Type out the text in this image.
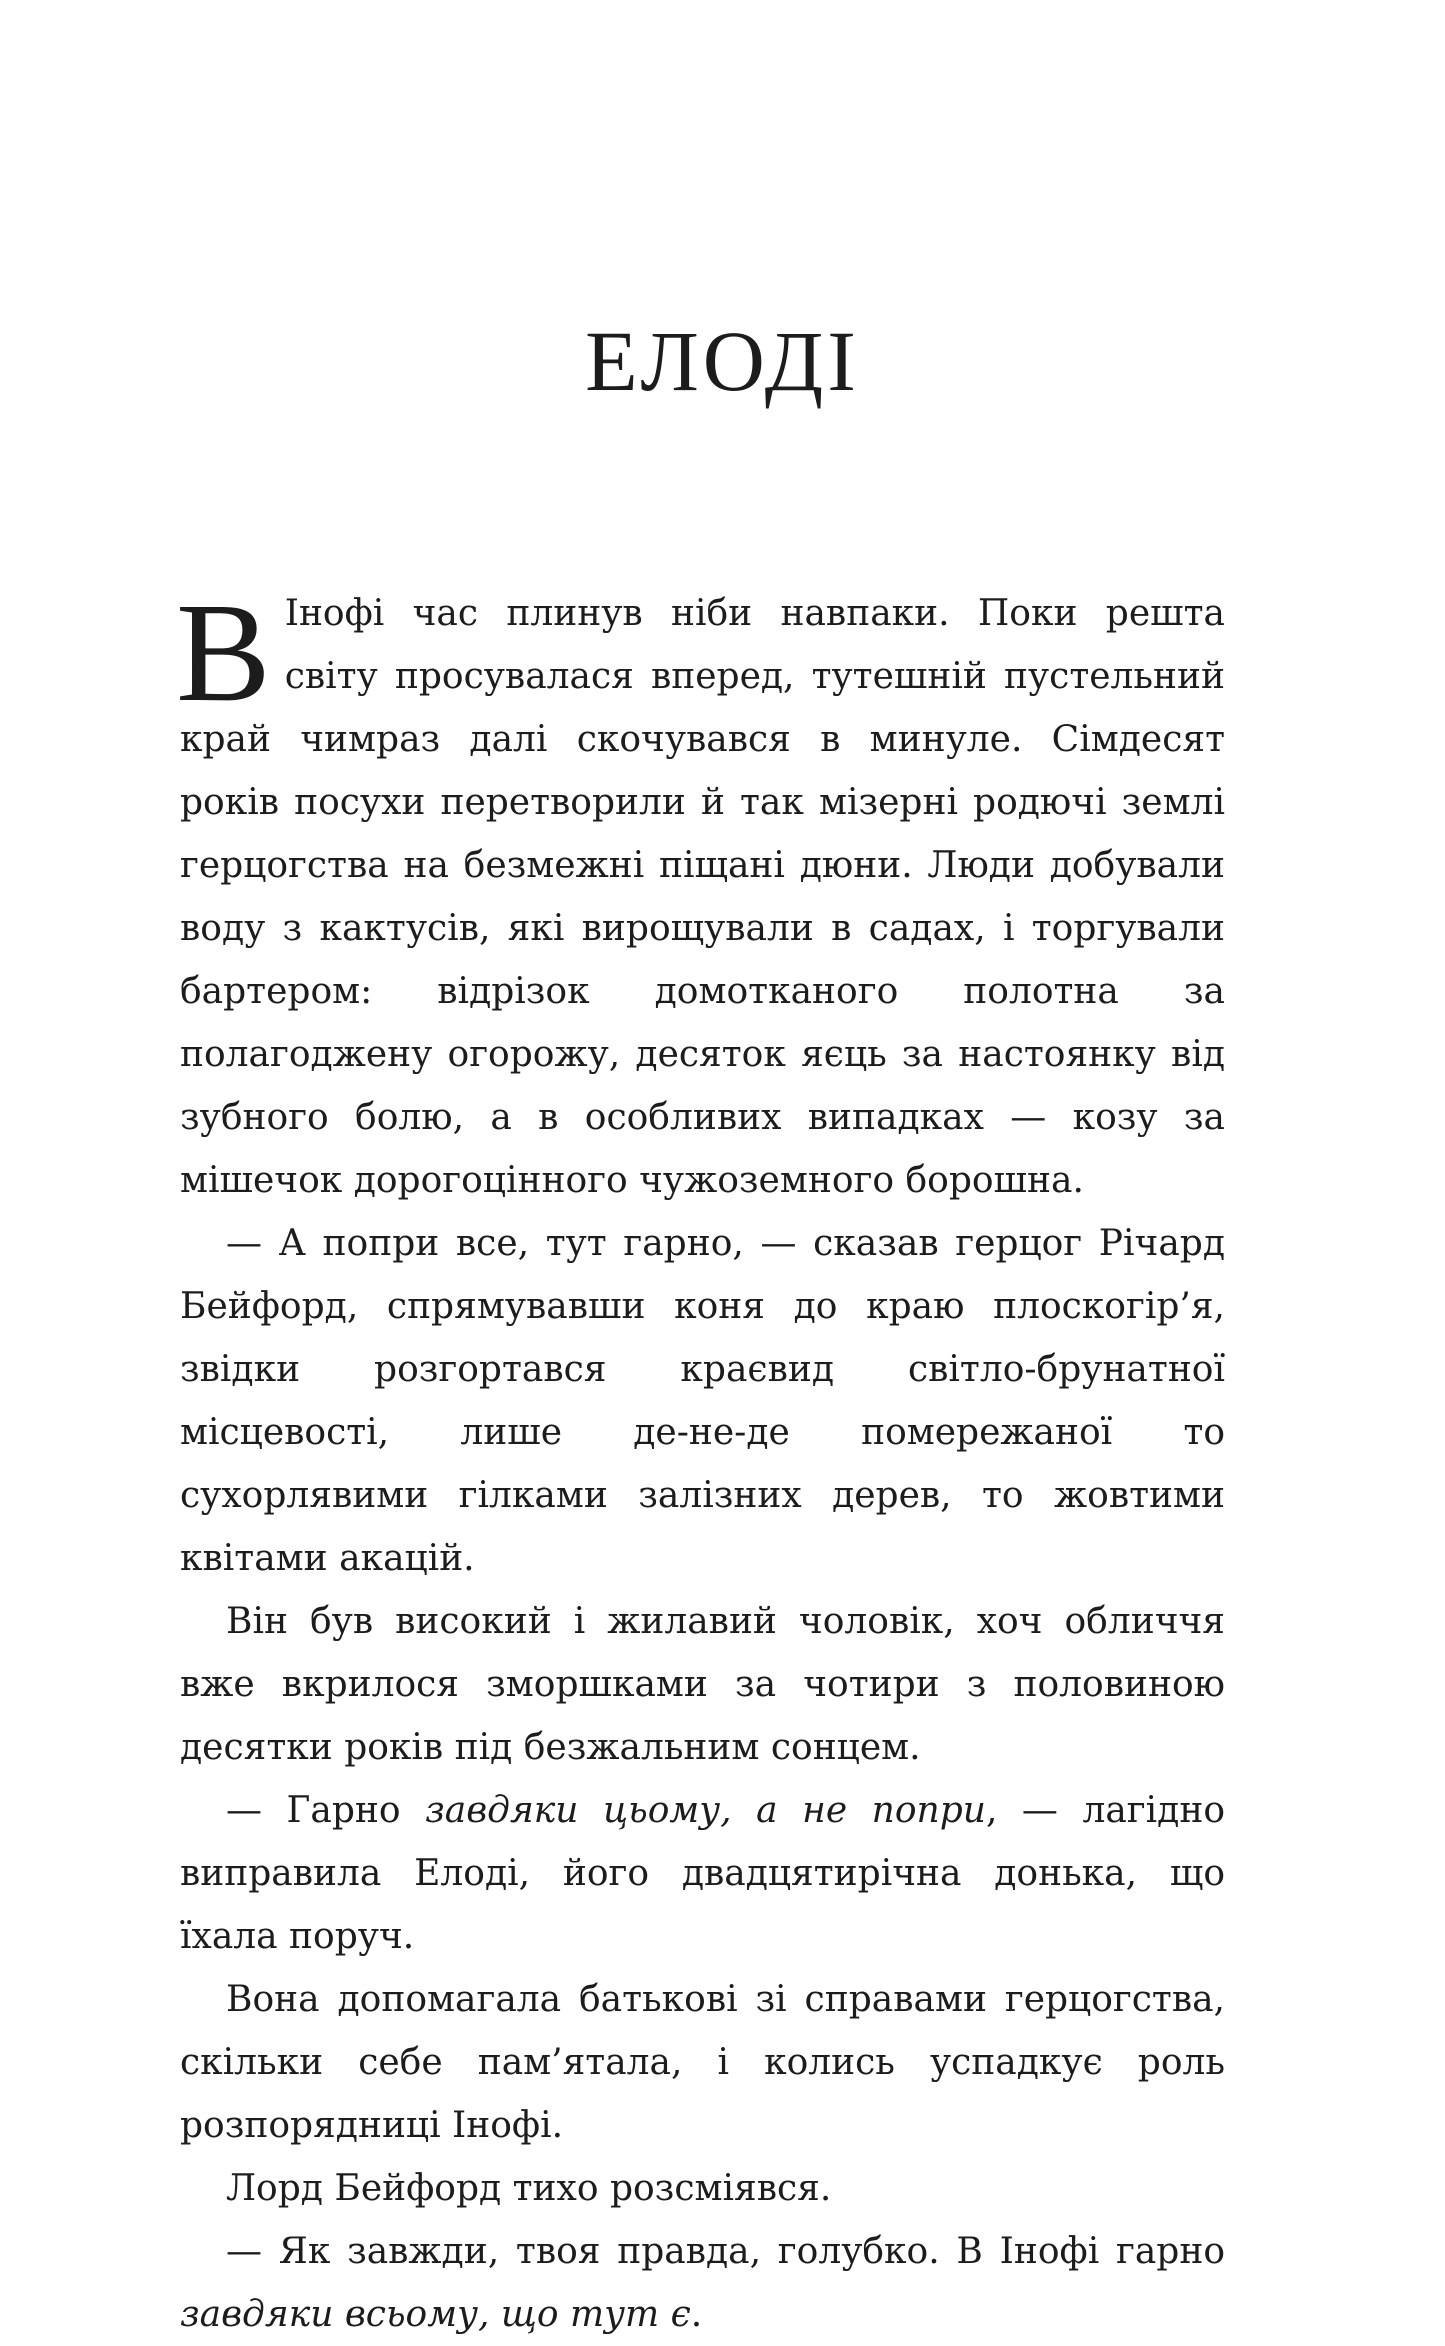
ЕЛОДІ

В Інофі час плинув ніби навпаки. Поки решта світу просувалася вперед, тутешній пустельний край чимраз далі скочувався в минуле. Сімдесят років посухи перетворили й так мізерні родючі землі герцогства на безмежні піщані дюни. Люди добували воду з кактусів, які вирощували в садах, і торгували бартером: відрізок домотканого полотна за полагоджену огорожу, десяток яєць за настоянку від зубного болю, а в особливих випадках — козу за мішечок дорогоцінного чужоземного борошна.

— А попри все, тут гарно, — сказав герцог Річард Бейфорд, спрямувавши коня до краю плоскогір’я, звідки розгортався краєвид світло-брунатної місцевості, лише де-не-де помережаної то сухорлявими гілками залізних дерев, то жовтими квітами акацій.

Він був високий і жилавий чоловік, хоч обличчя вже вкрилося зморшками за чотири з половиною десятки років під безжальним сонцем.

— Гарно завдяки цьому, а не попри, — лагідно виправила Елоді, його двадцятирічна донька, що їхала поруч.

Вона допомагала батькові зі справами герцогства, скільки себе пам’ятала, і колись успадкує роль розпорядниці Інофі.

Лорд Бейфорд тихо розсміявся.

— Як завжди, твоя правда, голубко. В Інофі гарно завдяки всьому, що тут є.
